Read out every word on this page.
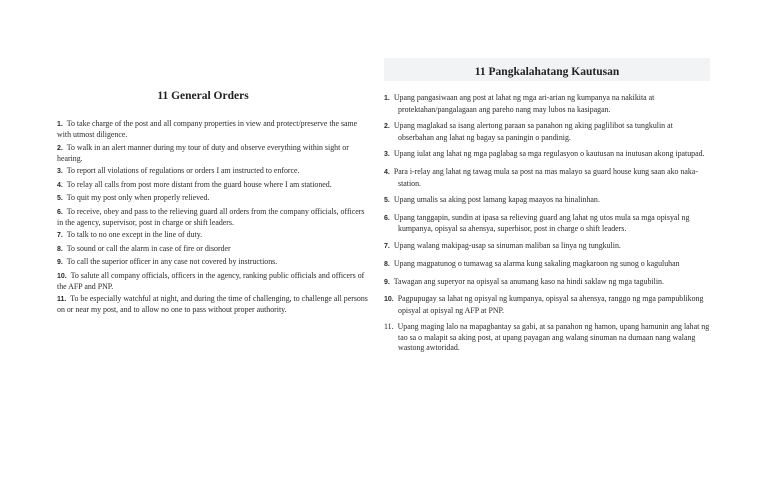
11 General Orders
1. To take charge of the post and all company properties in view and protect/preserve the same with utmost diligence.
2. To walk in an alert manner during my tour of duty and observe everything within sight or hearing.
3. To report all violations of regulations or orders I am instructed to enforce.
4. To relay all calls from post more distant from the guard house where I am stationed.
5. To quit my post only when properly relieved.
6. To receive, obey and pass to the relieving guard all orders from the company officials, officers in the agency, supervisor, post in charge or shift leaders.
7. To talk to no one except in the line of duty.
8. To sound or call the alarm in case of fire or disorder
9. To call the superior officer in any case not covered by instructions.
10. To salute all company officials, officers in the agency, ranking public officials and officers of the AFP and PNP.
11. To be especially watchful at night, and during the time of challenging, to challenge all persons on or near my post, and to allow no one to pass without proper authority.
11 Pangkalahatang Kautusan
1. Upang pangasiwaan ang post at lahat ng mga ari-arian ng kumpanya na nakikita at protektahan/pangalagaan ang pareho nang may lubos na kasipagan.
2. Upang maglakad sa isang alertong paraan sa panahon ng aking paglilibot sa tungkulin at obserbahan ang lahat ng bagay sa paningin o pandinig.
3. Upang iulat ang lahat ng mga paglabag sa mga regulasyon o kautusan na inutusan akong ipatupad.
4. Para i-relay ang lahat ng tawag mula sa post na mas malayo sa guard house kung saan ako naka-station.
5. Upang umalis sa aking post lamang kapag maayos na hinalinhan.
6. Upang tanggapin, sundin at ipasa sa relieving guard ang lahat ng utos mula sa mga opisyal ng kumpanya, opisyal sa ahensya, superbisor, post in charge o shift leaders.
7. Upang walang makipag-usap sa sinuman maliban sa linya ng tungkulin.
8. Upang magpatunog o tumawag sa alarma kung sakaling magkaroon ng sunog o kaguluhan
9. Tawagan ang superyor na opisyal sa anumang kaso na hindi saklaw ng mga tagubilin.
10. Pagpupugay sa lahat ng opisyal ng kumpanya, opisyal sa ahensya, ranggo ng mga pampublikong opisyal at opisyal ng AFP at PNP.
11. Upang maging lalo na mapagbantay sa gabi, at sa panahon ng hamon, upang hamunin ang lahat ng tao sa o malapit sa aking post, at upang payagan ang walang sinuman na dumaan nang walang wastong awtoridad.
